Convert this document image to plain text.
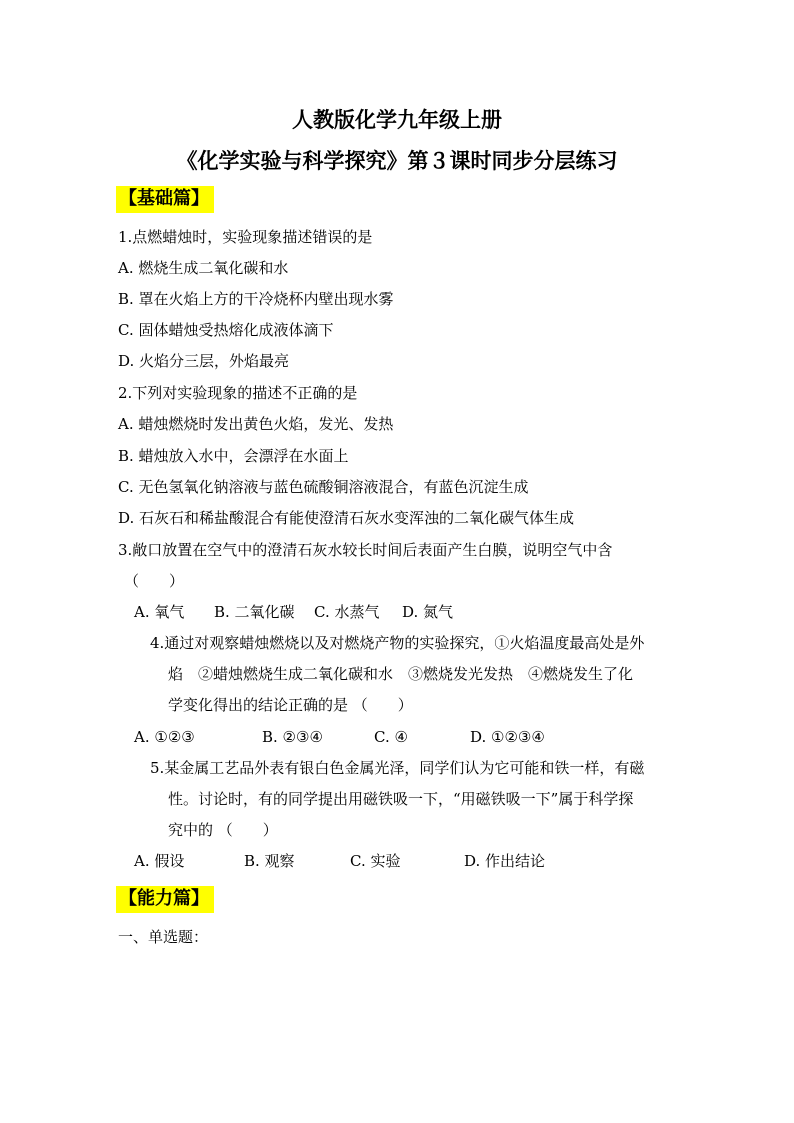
人教版化学九年级上册
《化学实验与科学探究》第３课时同步分层练习
【基础篇】
1.点燃蜡烛时，实验现象描述错误的是
A. 燃烧生成二氧化碳和水
B. 罩在火焰上方的干冷烧杯内壁出现水雾
C. 固体蜡烛受热熔化成液体滴下
D. 火焰分三层，外焰最亮
2.下列对实验现象的描述不正确的是
A. 蜡烛燃烧时发出黄色火焰，发光、发热
B. 蜡烛放入水中，会漂浮在水面上
C. 无色氢氧化钠溶液与蓝色硫酸铜溶液混合，有蓝色沉淀生成
D. 石灰石和稀盐酸混合有能使澄清石灰水变浑浊的二氧化碳气体生成
3.敞口放置在空气中的澄清石灰水较长时间后表面产生白膜，说明空气中含
（　　）
A. 氧气 B. 二氧化碳 C. 水蒸气 D. 氮气
4.通过对观察蜡烛燃烧以及对燃烧产物的实验探究，①火焰温度最高处是外
焰　②蜡烛燃烧生成二氧化碳和水　③燃烧发光发热　④燃烧发生了化
学变化得出的结论正确的是 （　　）
A. ①②③	B. ②③④	C. ④	D. ①②③④
5.某金属工艺品外表有银白色金属光泽，同学们认为它可能和铁一样，有磁
性。讨论时，有的同学提出用磁铁吸一下，“用磁铁吸一下”属于科学探
究中的 （　　）
A. 假设	B. 观察	C. 实验	D. 作出结论
【能力篇】
一、单选题：
